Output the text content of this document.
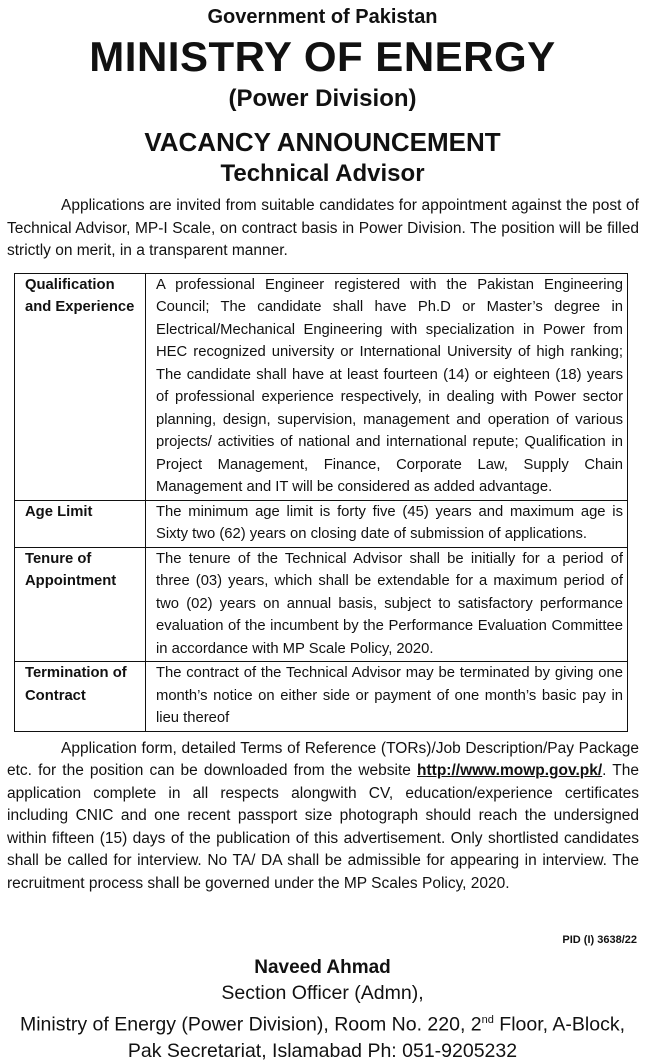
Government of Pakistan
MINISTRY OF ENERGY
(Power Division)
VACANCY ANNOUNCEMENT
Technical Advisor
Applications are invited from suitable candidates for appointment against the post of Technical Advisor, MP-I Scale, on contract basis in Power Division. The position will be filled strictly on merit, in a transparent manner.
Qualification and Experience	A professional Engineer registered with the Pakistan Engineering Council; The candidate shall have Ph.D or Master’s degree in Electrical/Mechanical Engineering with specialization in Power from HEC recognized university or International University of high ranking; The candidate shall have at least fourteen (14) or eighteen (18) years of professional experience respectively, in dealing with Power sector planning, design, supervision, management and operation of various projects/ activities of national and international repute; Qualification in Project Management, Finance, Corporate Law, Supply Chain Management and IT will be considered as added advantage.
Age Limit	The minimum age limit is forty five (45) years and maximum age is Sixty two (62) years on closing date of submission of applications.
Tenure of Appointment	The tenure of the Technical Advisor shall be initially for a period of three (03) years, which shall be extendable for a maximum period of two (02) years on annual basis, subject to satisfactory performance evaluation of the incumbent by the Performance Evaluation Committee in accordance with MP Scale Policy, 2020.
Termination of Contract	The contract of the Technical Advisor may be terminated by giving one month’s notice on either side or payment of one month’s basic pay in lieu thereof
Application form, detailed Terms of Reference (TORs)/Job Description/Pay Package etc. for the position can be downloaded from the website http://www.mowp.gov.pk/. The application complete in all respects alongwith CV, education/experience certificates including CNIC and one recent passport size photograph should reach the undersigned within fifteen (15) days of the publication of this advertisement. Only shortlisted candidates shall be called for interview. No TA/ DA shall be admissible for appearing in interview. The recruitment process shall be governed under the MP Scales Policy, 2020.
PID (I) 3638/22
Naveed Ahmad
Section Officer (Admn),
Ministry of Energy (Power Division), Room No. 220, 2nd Floor, A-Block,
Pak Secretariat, Islamabad Ph: 051-9205232
